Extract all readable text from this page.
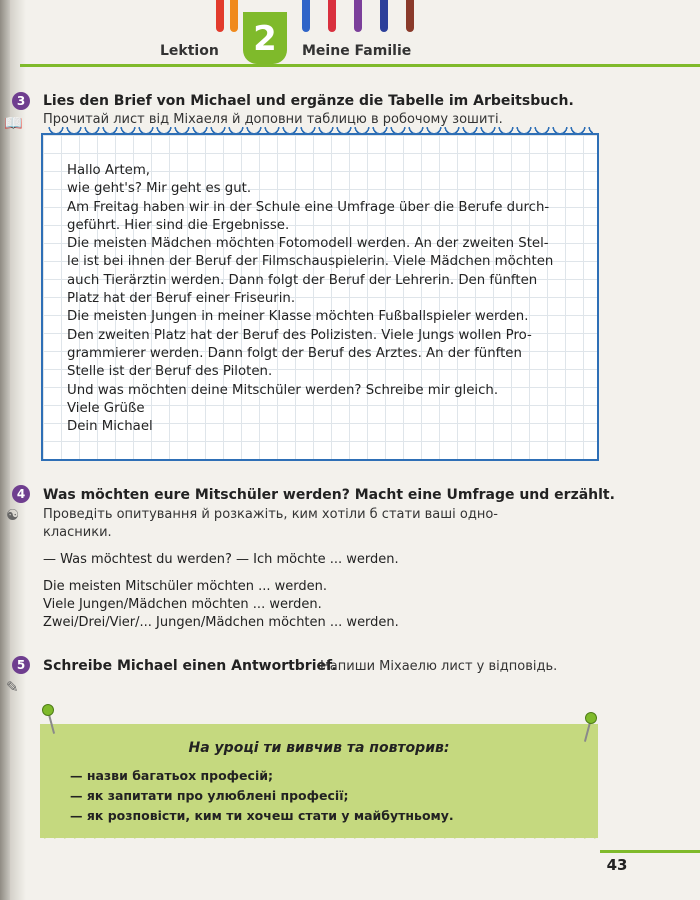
Lektion 2	Meine Familie
3
📖
Lies den Brief von Michael und ergänze die Tabelle im Arbeitsbuch.
Прочитай лист від Міхаеля й доповни таблицю в робочому зошиті.
Hallo Artem,
wie geht's? Mir geht es gut.
Am Freitag haben wir in der Schule eine Umfrage über die Berufe durch-
geführt. Hier sind die Ergebnisse.
Die meisten Mädchen möchten Fotomodell werden. An der zweiten Stel-
le ist bei ihnen der Beruf der Filmschauspielerin. Viele Mädchen möchten
auch Tierärztin werden. Dann folgt der Beruf der Lehrerin. Den fünften
Platz hat der Beruf einer Friseurin.
Die meisten Jungen in meiner Klasse möchten Fußballspieler werden.
Den zweiten Platz hat der Beruf des Polizisten. Viele Jungs wollen Pro-
grammierer werden. Dann folgt der Beruf des Arztes. An der fünften
Stelle ist der Beruf des Piloten.
Und was möchten deine Mitschüler werden? Schreibe mir gleich.
Viele Grüße
Dein Michael
4
☯
Was möchten eure Mitschüler werden? Macht eine Umfrage und erzählt.
Проведіть опитування й розкажіть, ким хотіли б стати ваші одно-
класники.
— Was möchtest du werden? — Ich möchte ... werden.
Die meisten Mitschüler möchten ... werden.
Viele Jungen/Mädchen möchten ... werden.
Zwei/Drei/Vier/... Jungen/Mädchen möchten ... werden.
5
✎
Schreibe Michael einen Antwortbrief.
Напиши Міхаелю лист у відповідь.
На уроці ти вивчив та повторив:
— назви багатьох професій;
— як запитати про улюблені професії;
— як розповісти, ким ти хочеш стати у майбутньому.
43
